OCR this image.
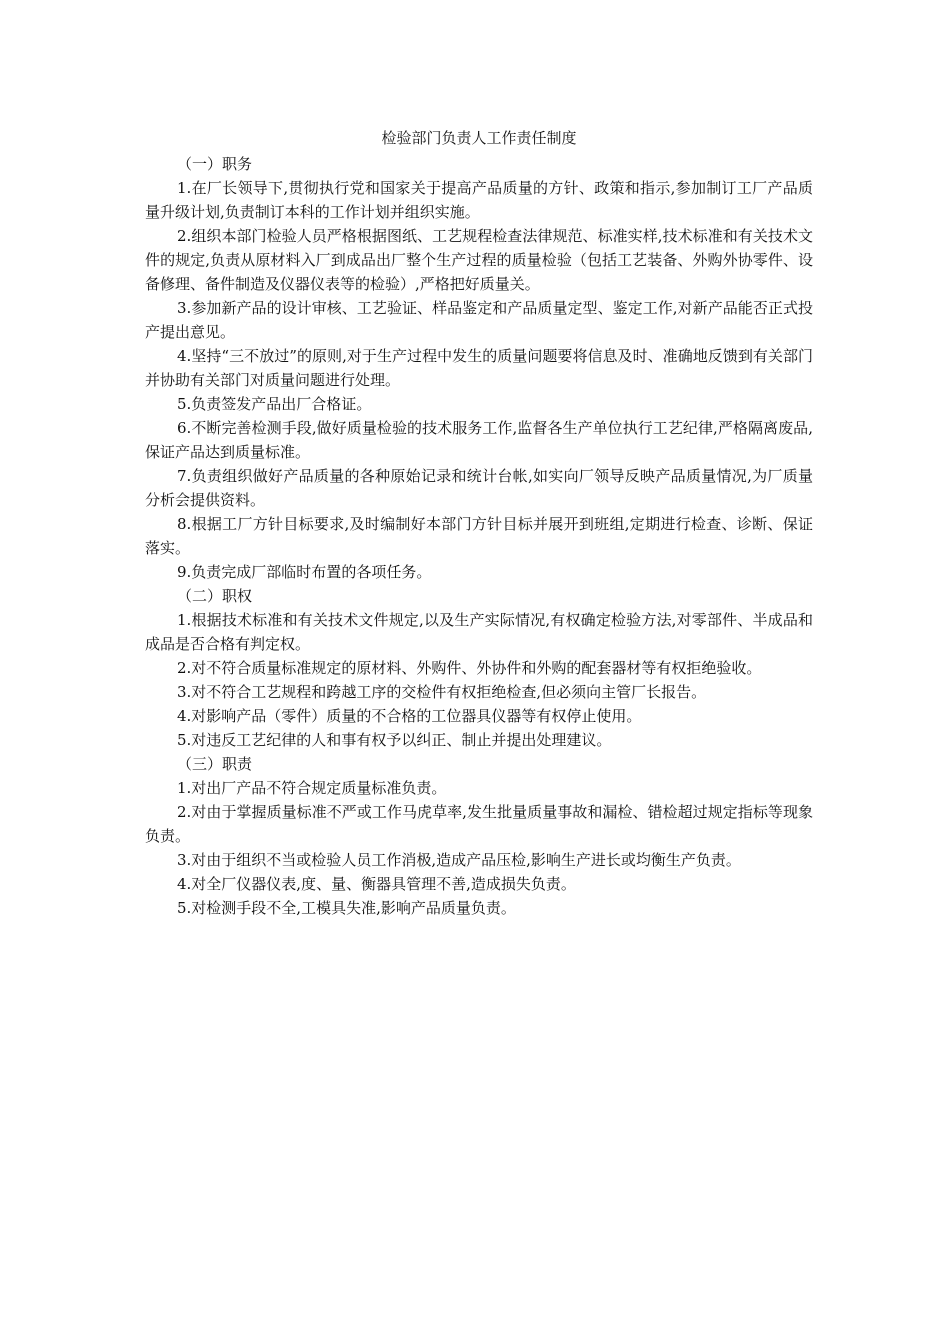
检验部门负责人工作责任制度

（一）职务

1.在厂长领导下,贯彻执行党和国家关于提高产品质量的方针、政策和指示,参加制订工厂产品质量升级计划,负责制订本科的工作计划并组织实施。

2.组织本部门检验人员严格根据图纸、工艺规程检查法律规范、标准实样,技术标准和有关技术文件的规定,负责从原材料入厂到成品出厂整个生产过程的质量检验（包括工艺装备、外购外协零件、设备修理、备件制造及仪器仪表等的检验）,严格把好质量关。

3.参加新产品的设计审核、工艺验证、样品鉴定和产品质量定型、鉴定工作,对新产品能否正式投产提出意见。

4.坚持“三不放过”的原则,对于生产过程中发生的质量问题要将信息及时、准确地反馈到有关部门并协助有关部门对质量问题进行处理。

5.负责签发产品出厂合格证。

6.不断完善检测手段,做好质量检验的技术服务工作,监督各生产单位执行工艺纪律,严格隔离废品,保证产品达到质量标准。

7.负责组织做好产品质量的各种原始记录和统计台帐,如实向厂领导反映产品质量情况,为厂质量分析会提供资料。

8.根据工厂方针目标要求,及时编制好本部门方针目标并展开到班组,定期进行检查、诊断、保证落实。

9.负责完成厂部临时布置的各项任务。

（二）职权

1.根据技术标准和有关技术文件规定,以及生产实际情况,有权确定检验方法,对零部件、半成品和成品是否合格有判定权。

2.对不符合质量标准规定的原材料、外购件、外协件和外购的配套器材等有权拒绝验收。

3.对不符合工艺规程和跨越工序的交检件有权拒绝检查,但必须向主管厂长报告。

4.对影响产品（零件）质量的不合格的工位器具仪器等有权停止使用。

5.对违反工艺纪律的人和事有权予以纠正、制止并提出处理建议。

（三）职责

1.对出厂产品不符合规定质量标准负责。

2.对由于掌握质量标准不严或工作马虎草率,发生批量质量事故和漏检、错检超过规定指标等现象负责。

3.对由于组织不当或检验人员工作消极,造成产品压检,影响生产进长或均衡生产负责。

4.对全厂仪器仪表,度、量、衡器具管理不善,造成损失负责。

5.对检测手段不全,工模具失准,影响产品质量负责。
